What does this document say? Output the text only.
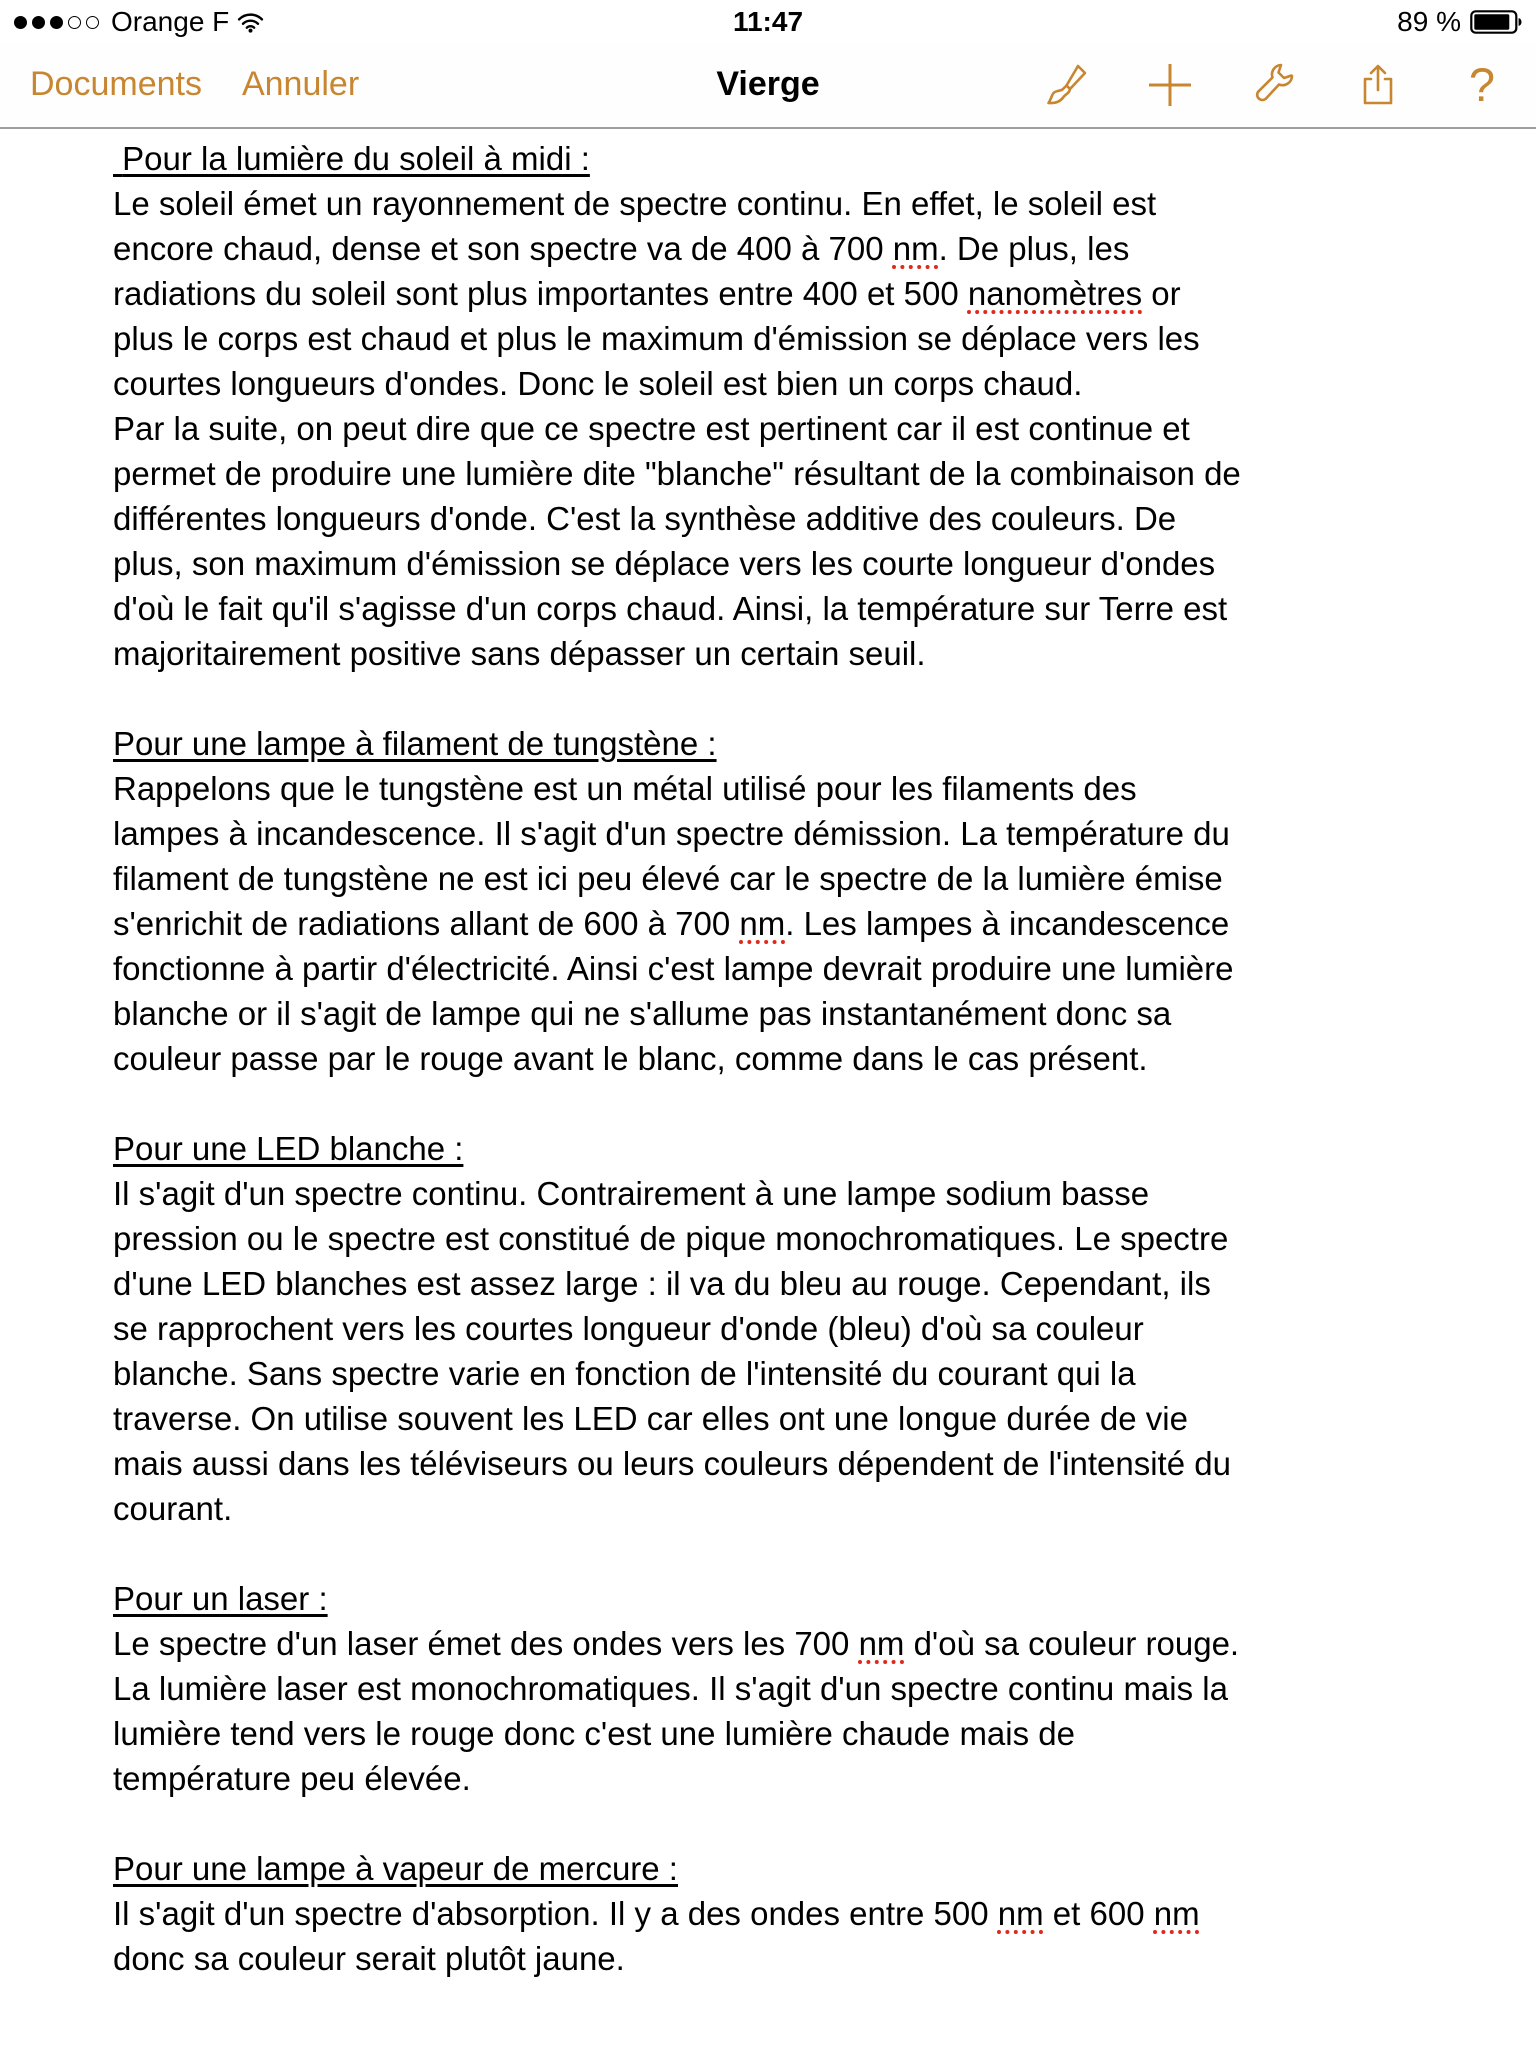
Orange F	11:47	89 %
Documents Annuler	Vierge	?
Pour la lumière du soleil à midi :
Le soleil émet un rayonnement de spectre continu. En effet, le soleil est
encore chaud, dense et son spectre va de 400 à 700 nm. De plus, les
radiations du soleil sont plus importantes entre 400 et 500 nanomètres or
plus le corps est chaud et plus le maximum d'émission se déplace vers les
courtes longueurs d'ondes. Donc le soleil est bien un corps chaud.
Par la suite, on peut dire que ce spectre est pertinent car il est continue et
permet de produire une lumière dite "blanche" résultant de la combinaison de
différentes longueurs d'onde. C'est la synthèse additive des couleurs. De
plus, son maximum d'émission se déplace vers les courte longueur d'ondes
d'où le fait qu'il s'agisse d'un corps chaud. Ainsi, la température sur Terre est
majoritairement positive sans dépasser un certain seuil.
Pour une lampe à filament de tungstène :
Rappelons que le tungstène est un métal utilisé pour les filaments des
lampes à incandescence. Il s'agit d'un spectre démission. La température du
filament de tungstène ne est ici peu élevé car le spectre de la lumière émise
s'enrichit de radiations allant de 600 à 700 nm. Les lampes à incandescence
fonctionne à partir d'électricité. Ainsi c'est lampe devrait produire une lumière
blanche or il s'agit de lampe qui ne s'allume pas instantanément donc sa
couleur passe par le rouge avant le blanc, comme dans le cas présent.
Pour une LED blanche :
Il s'agit d'un spectre continu. Contrairement à une lampe sodium basse
pression ou le spectre est constitué de pique monochromatiques. Le spectre
d'une LED blanches est assez large : il va du bleu au rouge. Cependant, ils
se rapprochent vers les courtes longueur d'onde (bleu) d'où sa couleur
blanche. Sans spectre varie en fonction de l'intensité du courant qui la
traverse. On utilise souvent les LED car elles ont une longue durée de vie
mais aussi dans les téléviseurs ou leurs couleurs dépendent de l'intensité du
courant.
Pour un laser :
Le spectre d'un laser émet des ondes vers les 700 nm d'où sa couleur rouge.
La lumière laser est monochromatiques. Il s'agit d'un spectre continu mais la
lumière tend vers le rouge donc c'est une lumière chaude mais de
température peu élevée.
Pour une lampe à vapeur de mercure :
Il s'agit d'un spectre d'absorption. Il y a des ondes entre 500 nm et 600 nm
donc sa couleur serait plutôt jaune.
